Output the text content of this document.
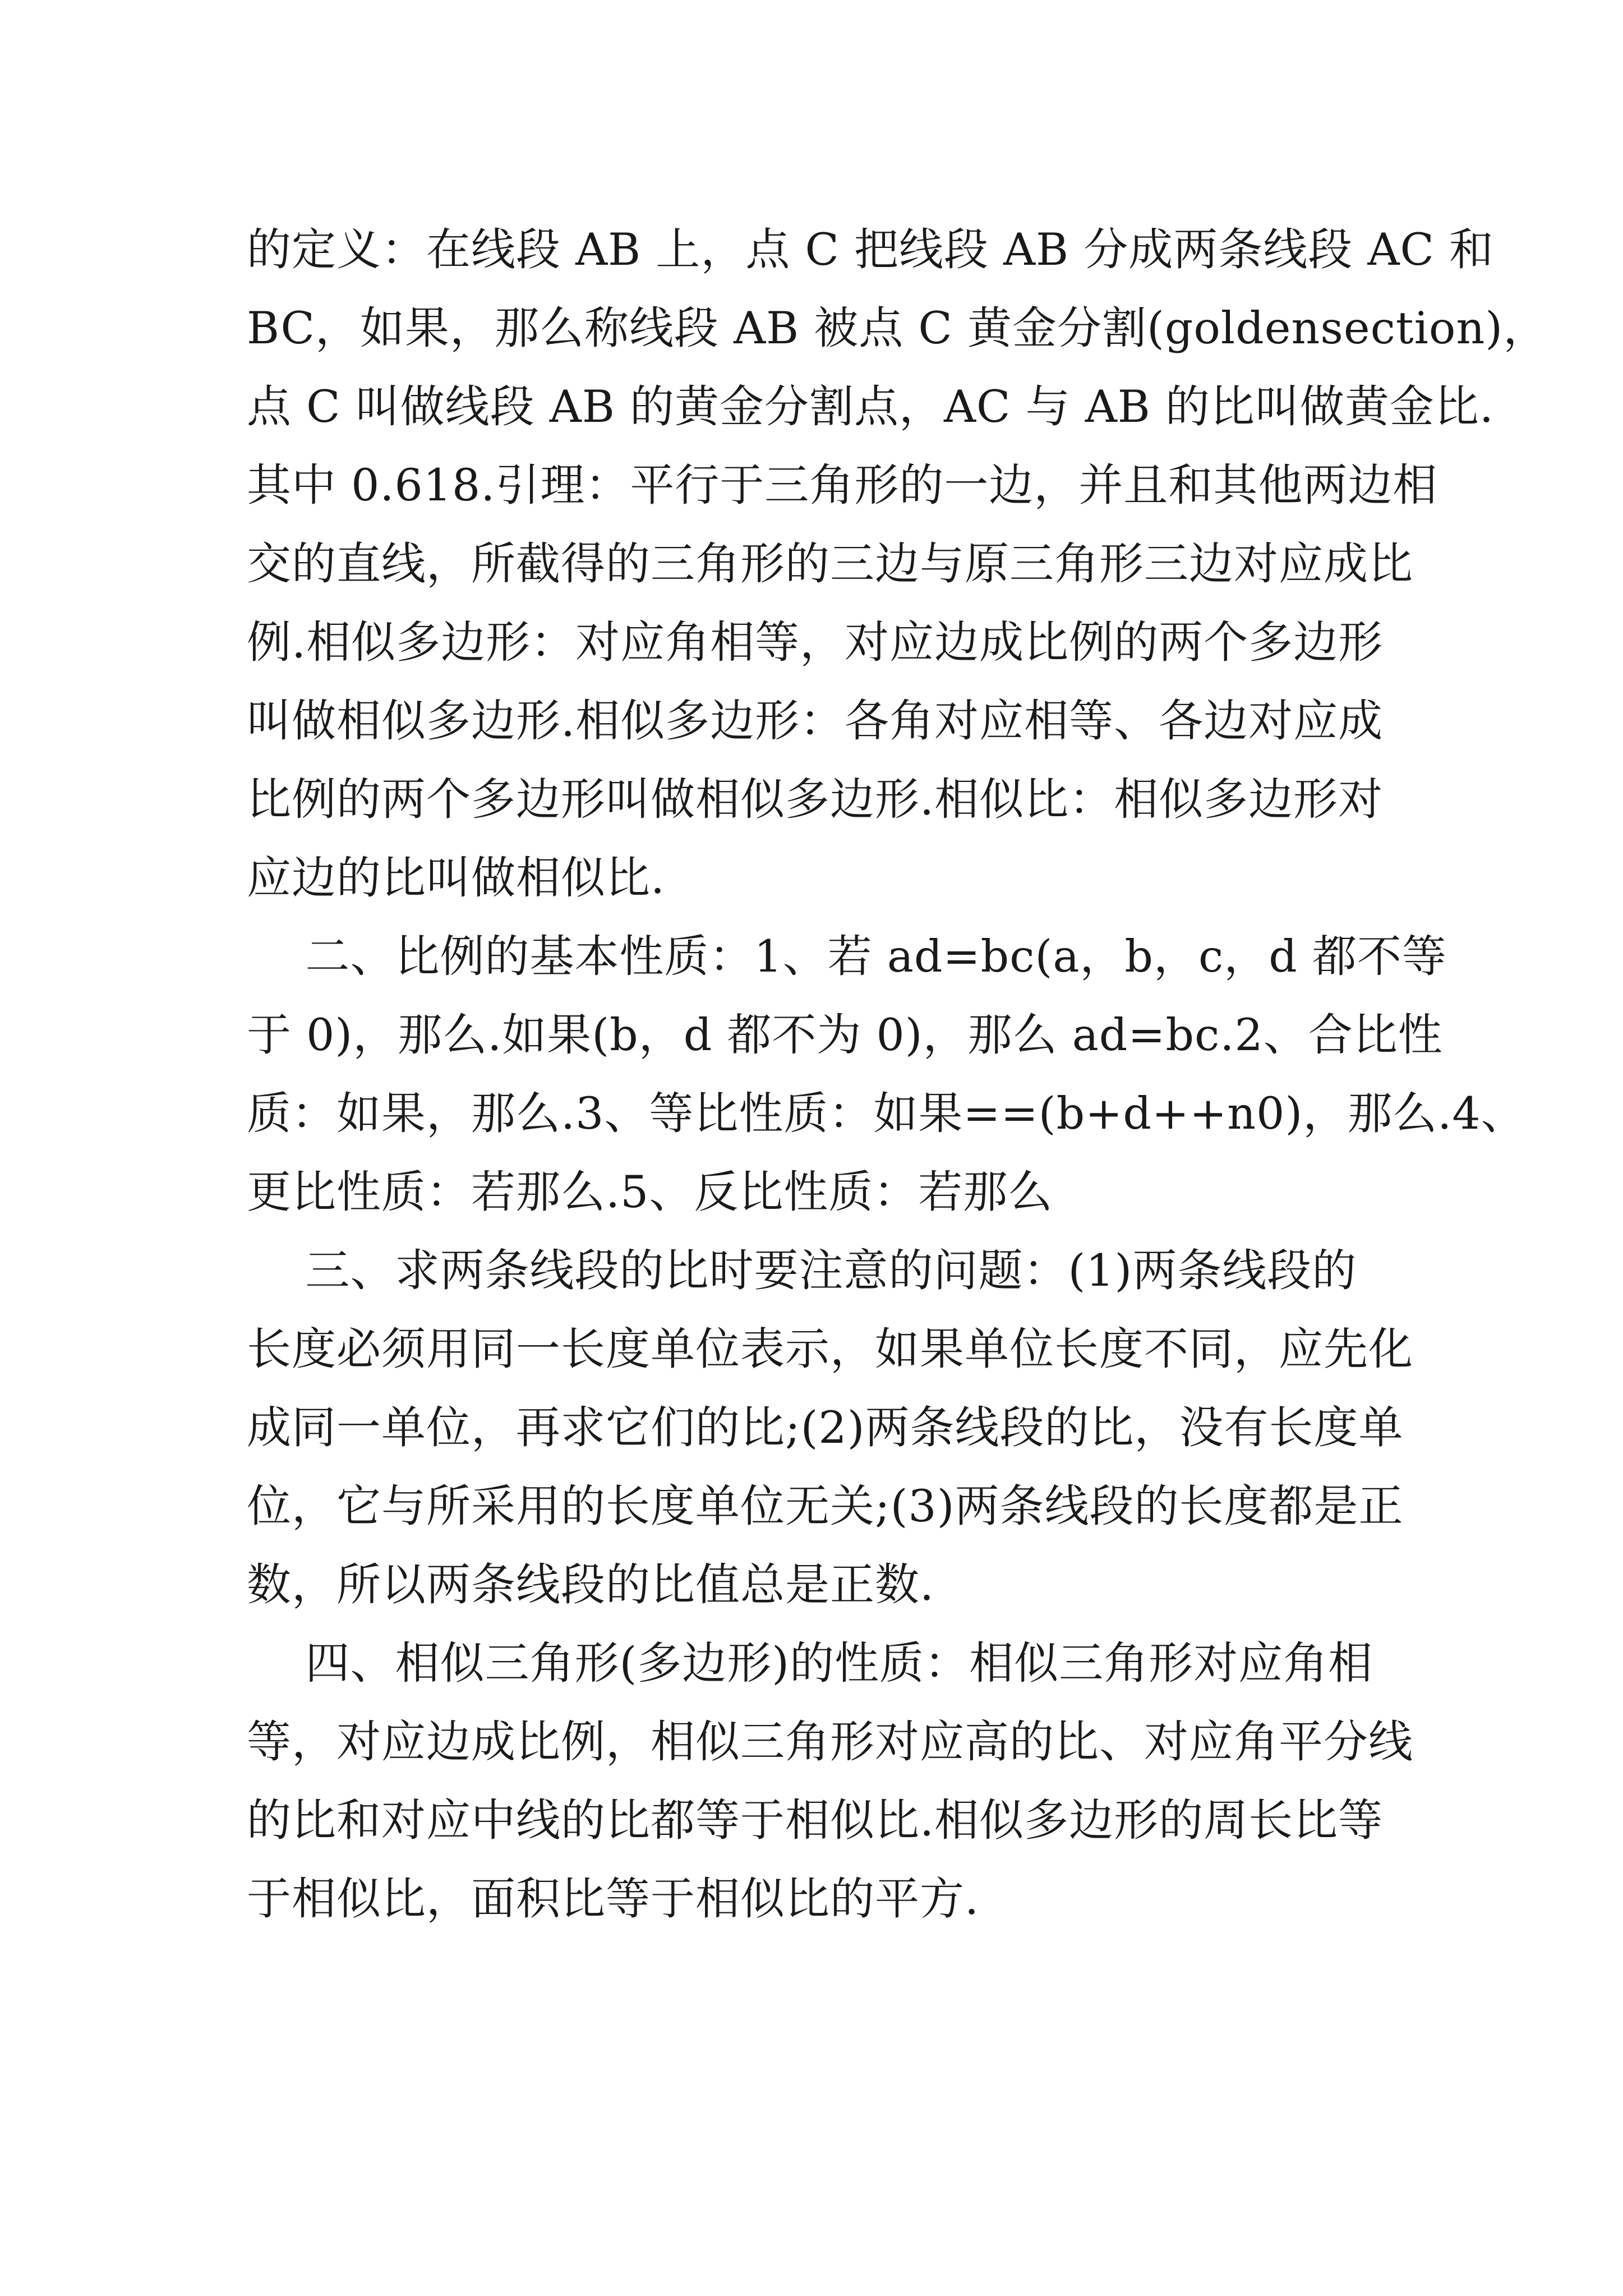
的定义：在线段 AB 上，点 C 把线段 AB 分成两条线段 AC 和
BC，如果，那么称线段 AB 被点 C 黄金分割(goldensection)，
点 C 叫做线段 AB 的黄金分割点，AC 与 AB 的比叫做黄金比.
其中 0.618.引理：平行于三角形的一边，并且和其他两边相
交的直线，所截得的三角形的三边与原三角形三边对应成比
例.相似多边形：对应角相等，对应边成比例的两个多边形
叫做相似多边形.相似多边形：各角对应相等、各边对应成
比例的两个多边形叫做相似多边形.相似比：相似多边形对
应边的比叫做相似比.
二、比例的基本性质：1、若 ad=bc(a，b，c，d 都不等
于 0)，那么.如果(b，d 都不为 0)，那么 ad=bc.2、合比性
质：如果，那么.3、等比性质：如果==(b+d++n0)，那么.4、
更比性质：若那么.5、反比性质：若那么
三、求两条线段的比时要注意的问题：(1)两条线段的
长度必须用同一长度单位表示，如果单位长度不同，应先化
成同一单位，再求它们的比;(2)两条线段的比，没有长度单
位，它与所采用的长度单位无关;(3)两条线段的长度都是正
数，所以两条线段的比值总是正数.
四、相似三角形(多边形)的性质：相似三角形对应角相
等，对应边成比例，相似三角形对应高的比、对应角平分线
的比和对应中线的比都等于相似比.相似多边形的周长比等
于相似比，面积比等于相似比的平方.
